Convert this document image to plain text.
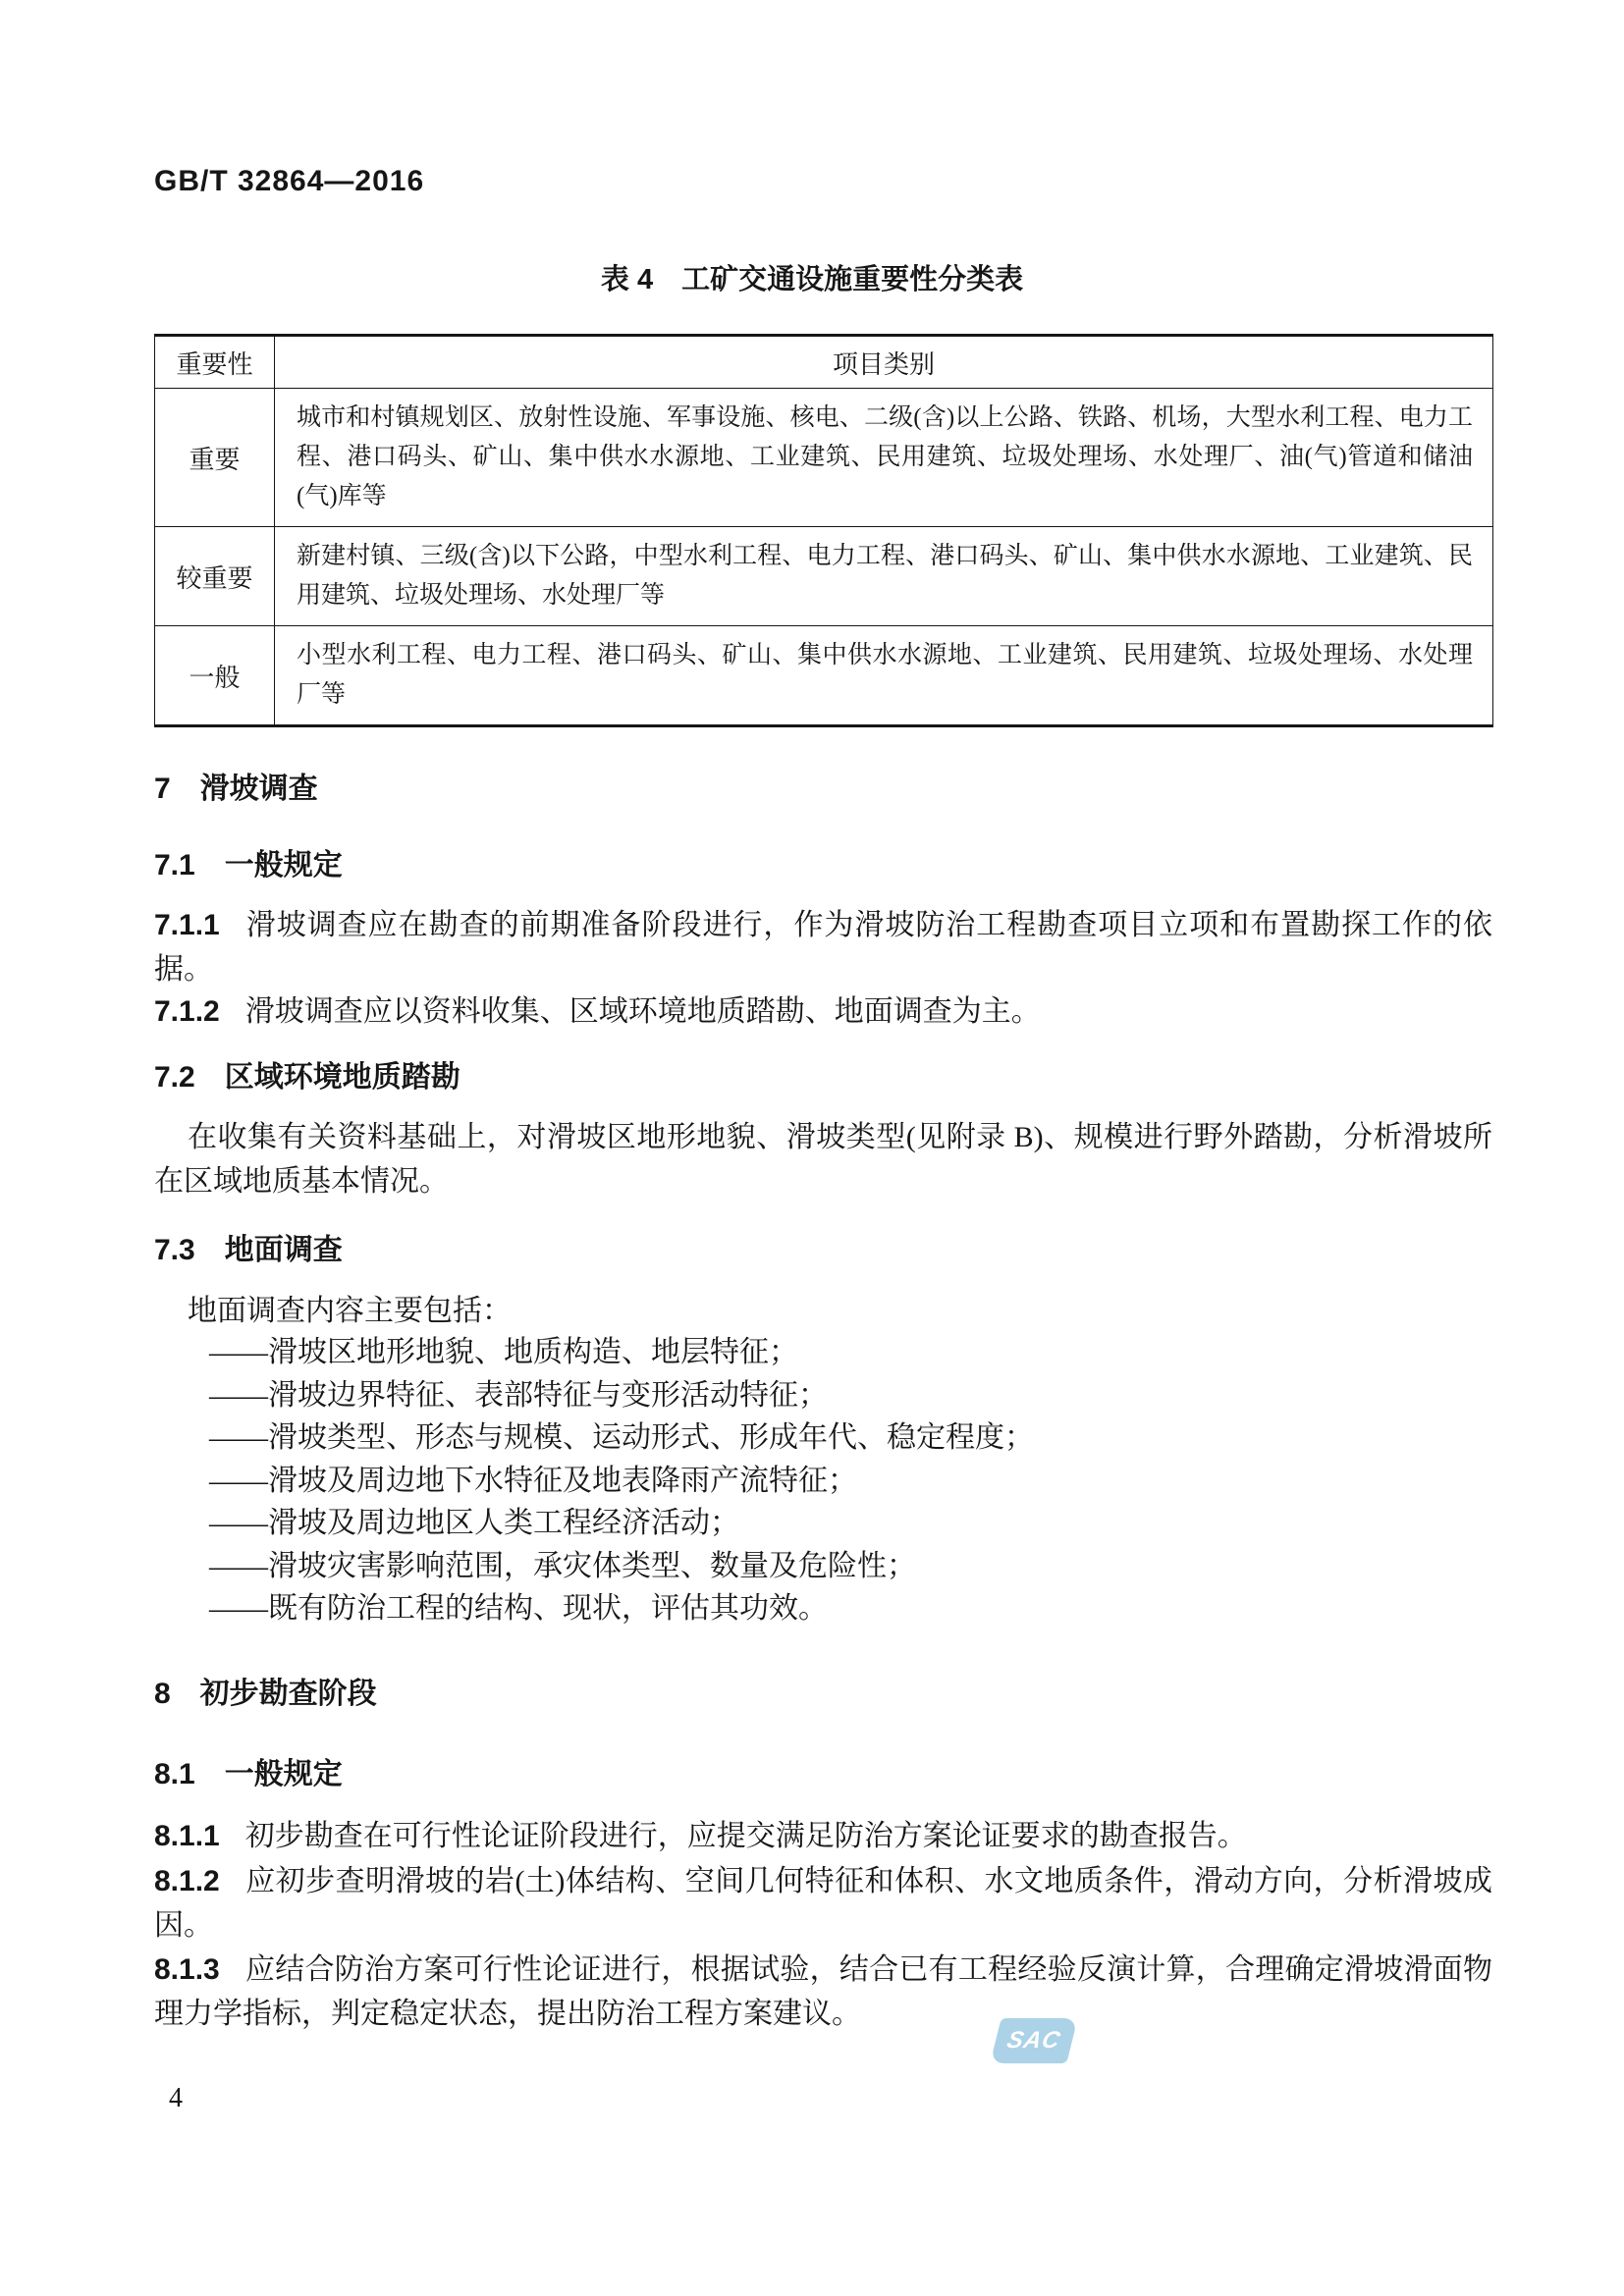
GB/T 32864—2016
表 4　工矿交通设施重要性分类表
重要性	项目类别
重要	城市和村镇规划区、放射性设施、军事设施、核电、二级(含)以上公路、铁路、机场，大型水利工程、电力工程、港口码头、矿山、集中供水水源地、工业建筑、民用建筑、垃圾处理场、水处理厂、油(气)管道和储油(气)库等
较重要	新建村镇、三级(含)以下公路，中型水利工程、电力工程、港口码头、矿山、集中供水水源地、工业建筑、民用建筑、垃圾处理场、水处理厂等
一般	小型水利工程、电力工程、港口码头、矿山、集中供水水源地、工业建筑、民用建筑、垃圾处理场、水处理厂等
7　滑坡调查
7.1　一般规定

7.1.1 滑坡调查应在勘查的前期准备阶段进行，作为滑坡防治工程勘查项目立项和布置勘探工作的依据。

7.1.2 滑坡调查应以资料收集、区域环境地质踏勘、地面调查为主。

7.2　区域环境地质踏勘

在收集有关资料基础上，对滑坡区地形地貌、滑坡类型(见附录 B)、规模进行野外踏勘，分析滑坡所在区域地质基本情况。

7.3　地面调查

地面调查内容主要包括：

——滑坡区地形地貌、地质构造、地层特征；
——滑坡边界特征、表部特征与变形活动特征；
——滑坡类型、形态与规模、运动形式、形成年代、稳定程度；
——滑坡及周边地下水特征及地表降雨产流特征；
——滑坡及周边地区人类工程经济活动；
——滑坡灾害影响范围，承灾体类型、数量及危险性；
——既有防治工程的结构、现状，评估其功效。
8　初步勘查阶段
8.1　一般规定

8.1.1 初步勘查在可行性论证阶段进行，应提交满足防治方案论证要求的勘查报告。

8.1.2 应初步查明滑坡的岩(土)体结构、空间几何特征和体积、水文地质条件，滑动方向，分析滑坡成因。

8.1.3 应结合防治方案可行性论证进行，根据试验，结合已有工程经验反演计算，合理确定滑坡滑面物理力学指标，判定稳定状态，提出防治工程方案建议。

SAC
4
